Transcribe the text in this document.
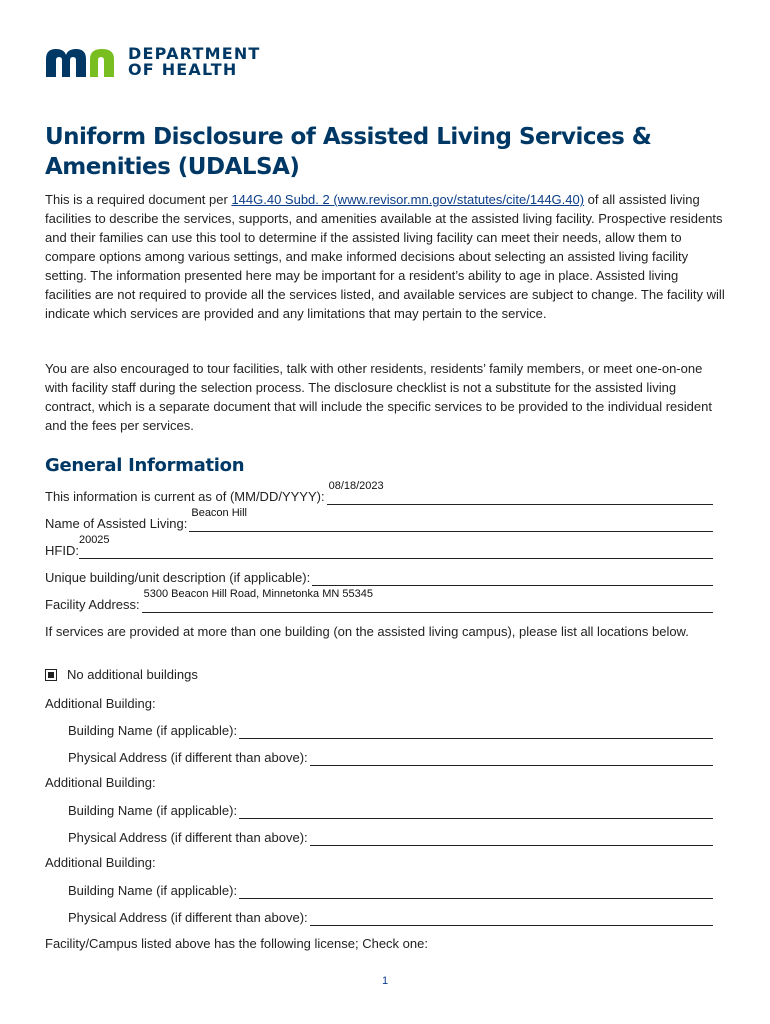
DEPARTMENT
OF HEALTH
Uniform Disclosure of Assisted Living Services & Amenities (UDALSA)

This is a required document per 144G.40 Subd. 2 (www.revisor.mn.gov/statutes/cite/144G.40) of all assisted living facilities to describe the services, supports, and amenities available at the assisted living facility. Prospective residents and their families can use this tool to determine if the assisted living facility can meet their needs, allow them to compare options among various settings, and make informed decisions about selecting an assisted living facility setting. The information presented here may be important for a resident’s ability to age in place. Assisted living facilities are not required to provide all the services listed, and available services are subject to change. The facility will indicate which services are provided and any limitations that may pertain to the service.

You are also encouraged to tour facilities, talk with other residents, residents’ family members, or meet one-on-one with facility staff during the selection process. The disclosure checklist is not a substitute for the assisted living contract, which is a separate document that will include the specific services to be provided to the individual resident and the fees per services.

General Information
This information is current as of (MM/DD/YYYY):
08/18/2023
Name of Assisted Living:
Beacon Hill
HFID:
20025
Unique building/unit description (if applicable):
Facility Address:
5300 Beacon Hill Road, Minnetonka MN 55345

If services are provided at more than one building (on the assisted living campus), please list all locations below.

No additional buildings

Additional Building:

Building Name (if applicable):
Physical Address (if different than above):

Additional Building:

Building Name (if applicable):
Physical Address (if different than above):

Additional Building:

Building Name (if applicable):
Physical Address (if different than above):

Facility/Campus listed above has the following license; Check one:

1
